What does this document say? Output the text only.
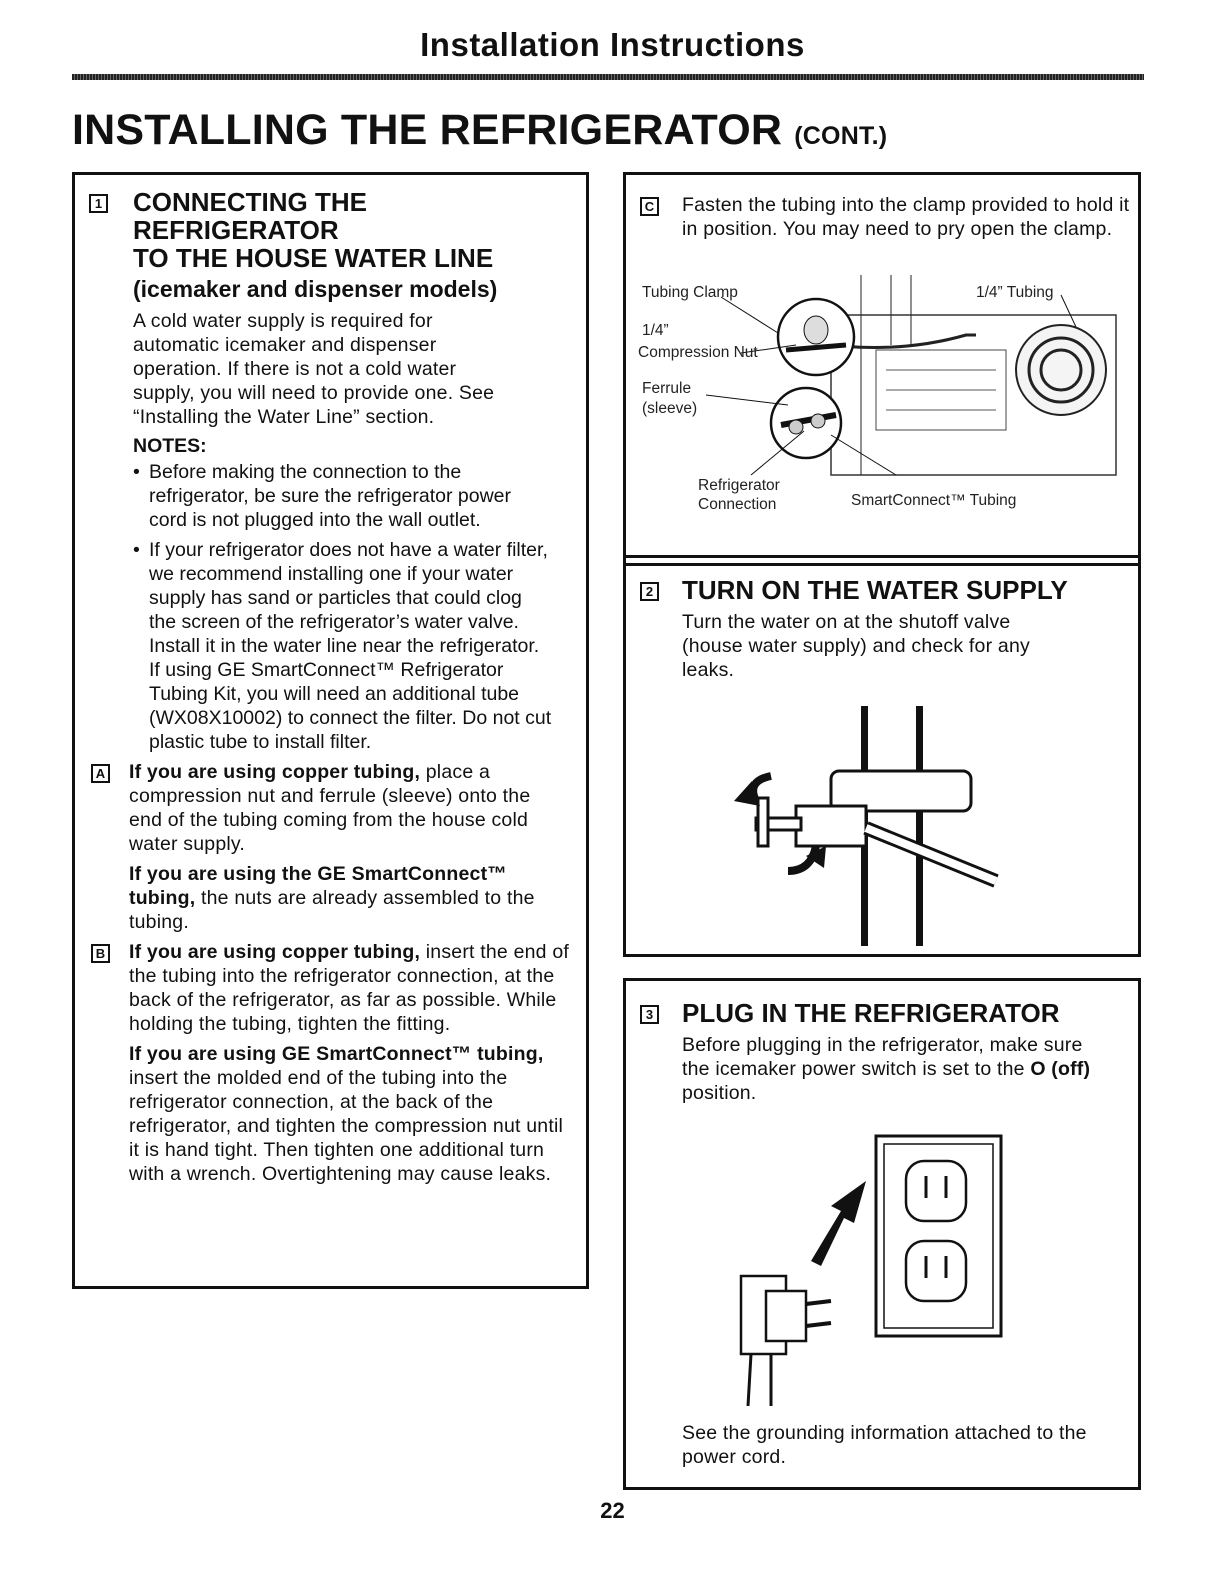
Installation Instructions
INSTALLING THE REFRIGERATOR (CONT.)
1 CONNECTING THE REFRIGERATOR
TO THE HOUSE WATER LINE
(icemaker and dispenser models)

A cold water supply is required for automatic icemaker and dispenser operation. If there is not a cold water supply, you will need to provide one. See “Installing the Water Line” section.

NOTES:
• Before making the connection to the refrigerator, be sure the refrigerator power cord is not plugged into the wall outlet.
• If your refrigerator does not have a water filter, we recommend installing one if your water supply has sand or particles that could clog the screen of the refrigerator’s water valve. Install it in the water line near the refrigerator. If using GE SmartConnect™ Refrigerator Tubing Kit, you will need an additional tube (WX08X10002) to connect the filter. Do not cut plastic tube to install filter.
A If you are using copper tubing, place a compression nut and ferrule (sleeve) onto the end of the tubing coming from the house cold water supply.

If you are using the GE SmartConnect™ tubing, the nuts are already assembled to the tubing.

B If you are using copper tubing, insert the end of the tubing into the refrigerator connection, at the back of the refrigerator, as far as possible. While holding the tubing, tighten the fitting.

If you are using GE SmartConnect™ tubing, insert the molded end of the tubing into the refrigerator connection, at the back of the refrigerator, and tighten the compression nut until it is hand tight. Then tighten one additional turn with a wrench. Overtightening may cause leaks.

C Fasten the tubing into the clamp provided to hold it in position. You may need to pry open the clamp.

Tubing Clamp	1/4” Tubing
1/4”
Compression Nut
Ferrule
(sleeve)
Refrigerator
Connection	SmartConnect™ Tubing
2 TURN ON THE WATER SUPPLY

Turn the water on at the shutoff valve (house water supply) and check for any leaks.

3 PLUG IN THE REFRIGERATOR

Before plugging in the refrigerator, make sure the icemaker power switch is set to the O (off) position.

See the grounding information attached to the power cord.

22
